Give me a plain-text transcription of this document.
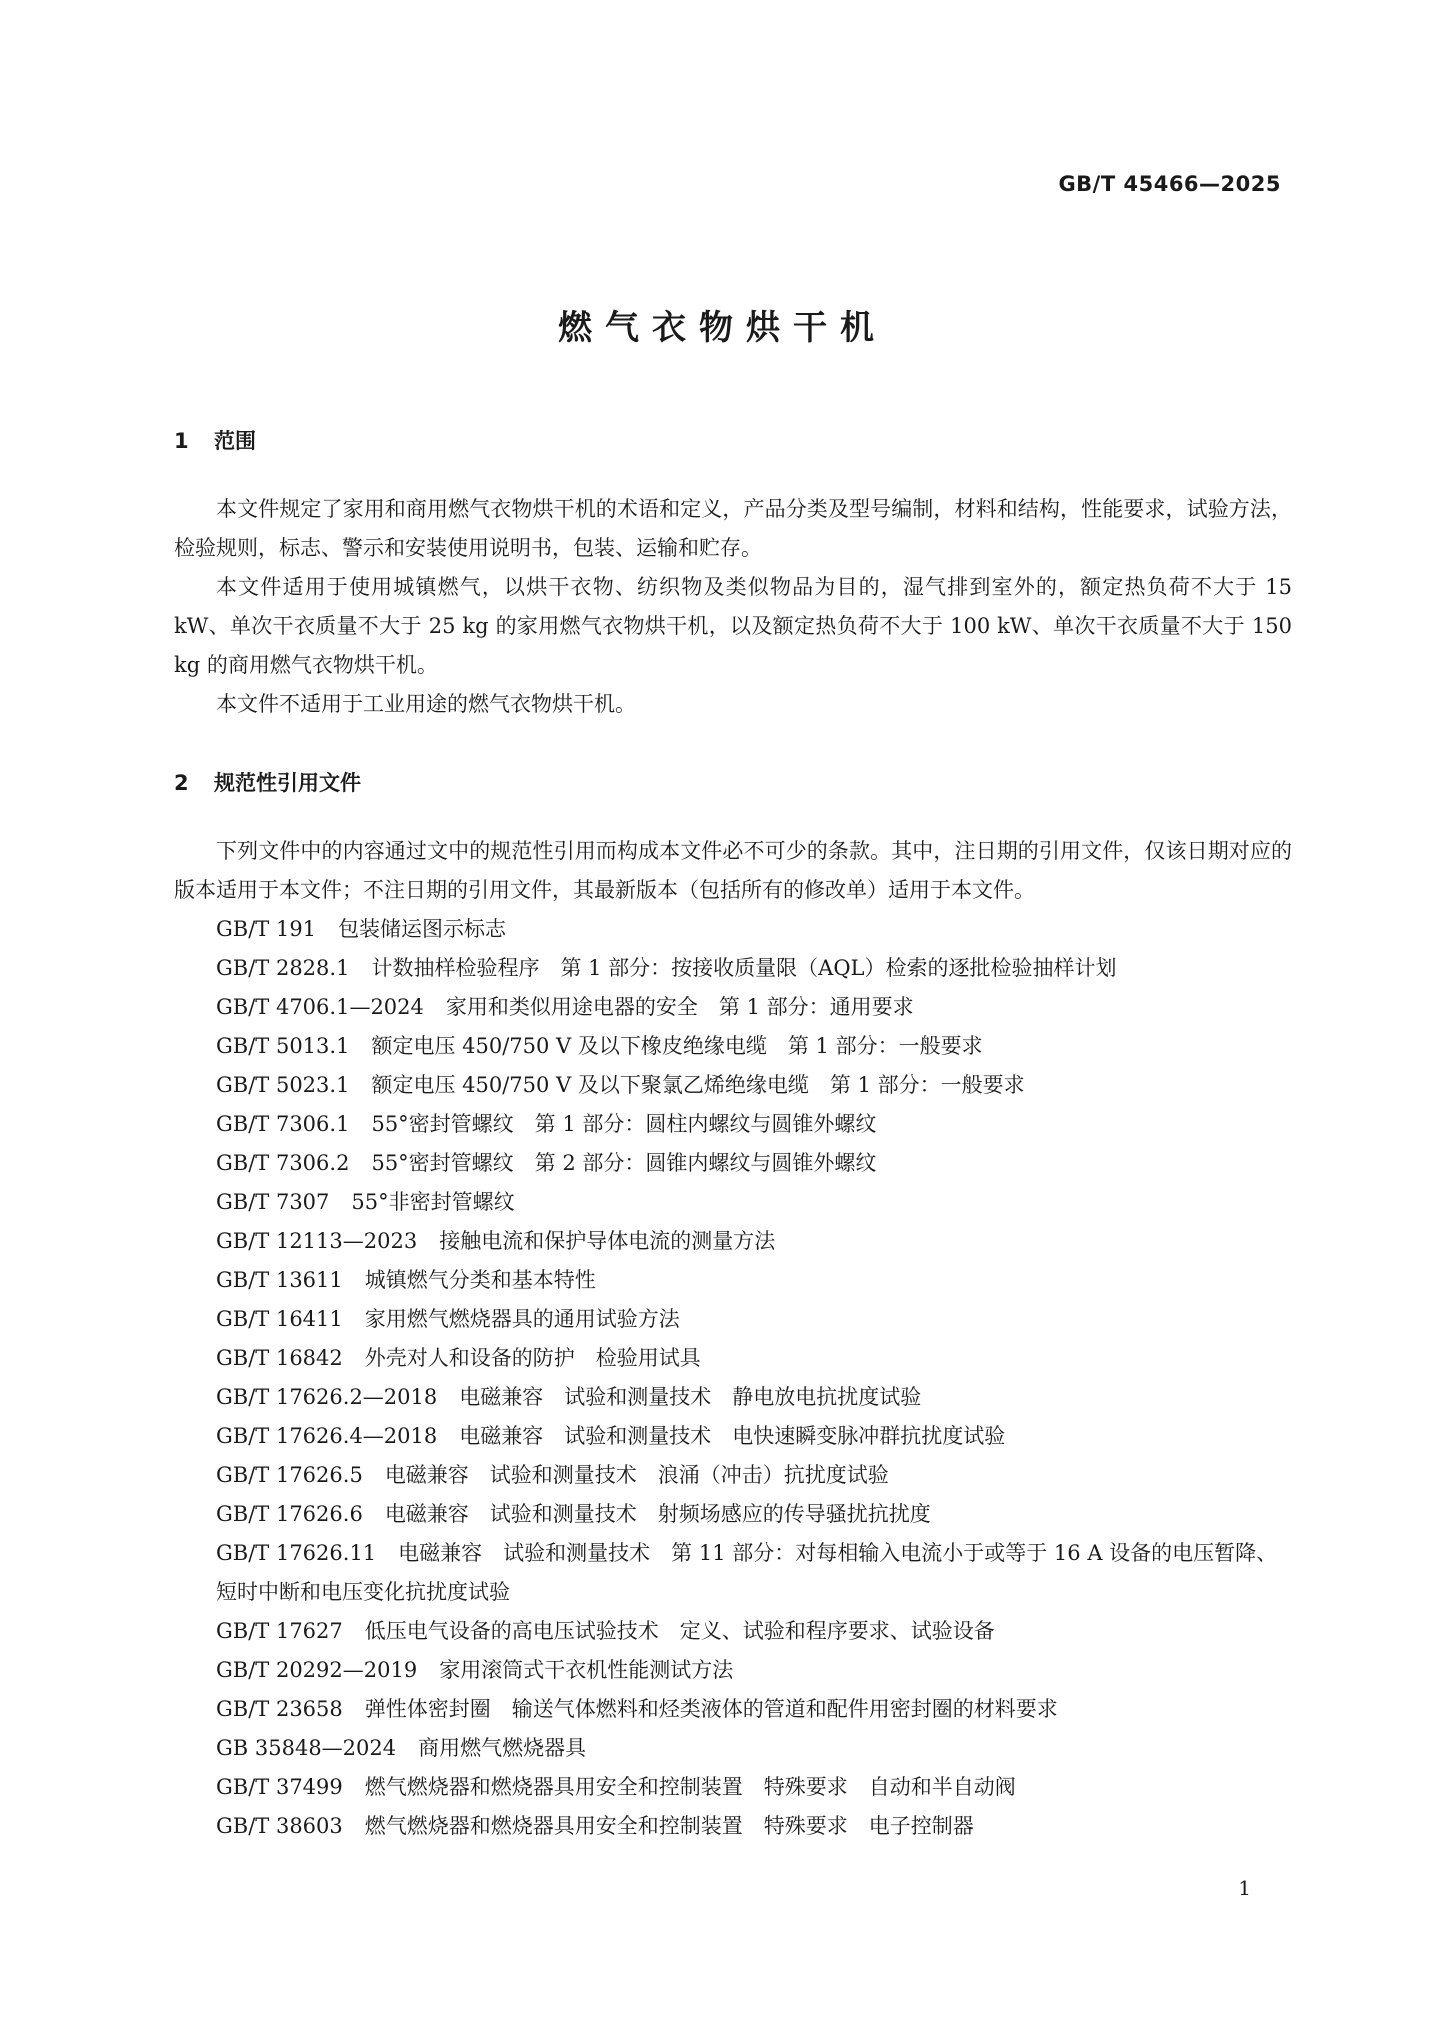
GB/T 45466—2025
燃气衣物烘干机
1 范围

本文件规定了家用和商用燃气衣物烘干机的术语和定义，产品分类及型号编制，材料和结构，性能要求，试验方法，检验规则，标志、警示和安装使用说明书，包装、运输和贮存。

本文件适用于使用城镇燃气，以烘干衣物、纺织物及类似物品为目的，湿气排到室外的，额定热负荷不大于 15 kW、单次干衣质量不大于 25 kg 的家用燃气衣物烘干机，以及额定热负荷不大于 100 kW、单次干衣质量不大于 150 kg 的商用燃气衣物烘干机。

本文件不适用于工业用途的燃气衣物烘干机。

2 规范性引用文件

下列文件中的内容通过文中的规范性引用而构成本文件必不可少的条款。其中，注日期的引用文件，仅该日期对应的版本适用于本文件；不注日期的引用文件，其最新版本（包括所有的修改单）适用于本文件。

GB/T 191 包装储运图示标志
GB/T 2828.1 计数抽样检验程序　第 1 部分：按接收质量限（AQL）检索的逐批检验抽样计划
GB/T 4706.1—2024 家用和类似用途电器的安全　第 1 部分：通用要求
GB/T 5013.1 额定电压 450/750 V 及以下橡皮绝缘电缆　第 1 部分：一般要求
GB/T 5023.1 额定电压 450/750 V 及以下聚氯乙烯绝缘电缆　第 1 部分：一般要求
GB/T 7306.1 55°密封管螺纹　第 1 部分：圆柱内螺纹与圆锥外螺纹
GB/T 7306.2 55°密封管螺纹　第 2 部分：圆锥内螺纹与圆锥外螺纹
GB/T 7307 55°非密封管螺纹
GB/T 12113—2023 接触电流和保护导体电流的测量方法
GB/T 13611 城镇燃气分类和基本特性
GB/T 16411 家用燃气燃烧器具的通用试验方法
GB/T 16842 外壳对人和设备的防护　检验用试具
GB/T 17626.2—2018 电磁兼容　试验和测量技术　静电放电抗扰度试验
GB/T 17626.4—2018 电磁兼容　试验和测量技术　电快速瞬变脉冲群抗扰度试验
GB/T 17626.5 电磁兼容　试验和测量技术　浪涌（冲击）抗扰度试验
GB/T 17626.6 电磁兼容　试验和测量技术　射频场感应的传导骚扰抗扰度
GB/T 17626.11 电磁兼容　试验和测量技术　第 11 部分：对每相输入电流小于或等于 16 A 设备的电压暂降、短时中断和电压变化抗扰度试验
GB/T 17627 低压电气设备的高电压试验技术　定义、试验和程序要求、试验设备
GB/T 20292—2019 家用滚筒式干衣机性能测试方法
GB/T 23658 弹性体密封圈　输送气体燃料和烃类液体的管道和配件用密封圈的材料要求
GB 35848—2024 商用燃气燃烧器具
GB/T 37499 燃气燃烧器和燃烧器具用安全和控制装置　特殊要求　自动和半自动阀
GB/T 38603 燃气燃烧器和燃烧器具用安全和控制装置　特殊要求　电子控制器
1
